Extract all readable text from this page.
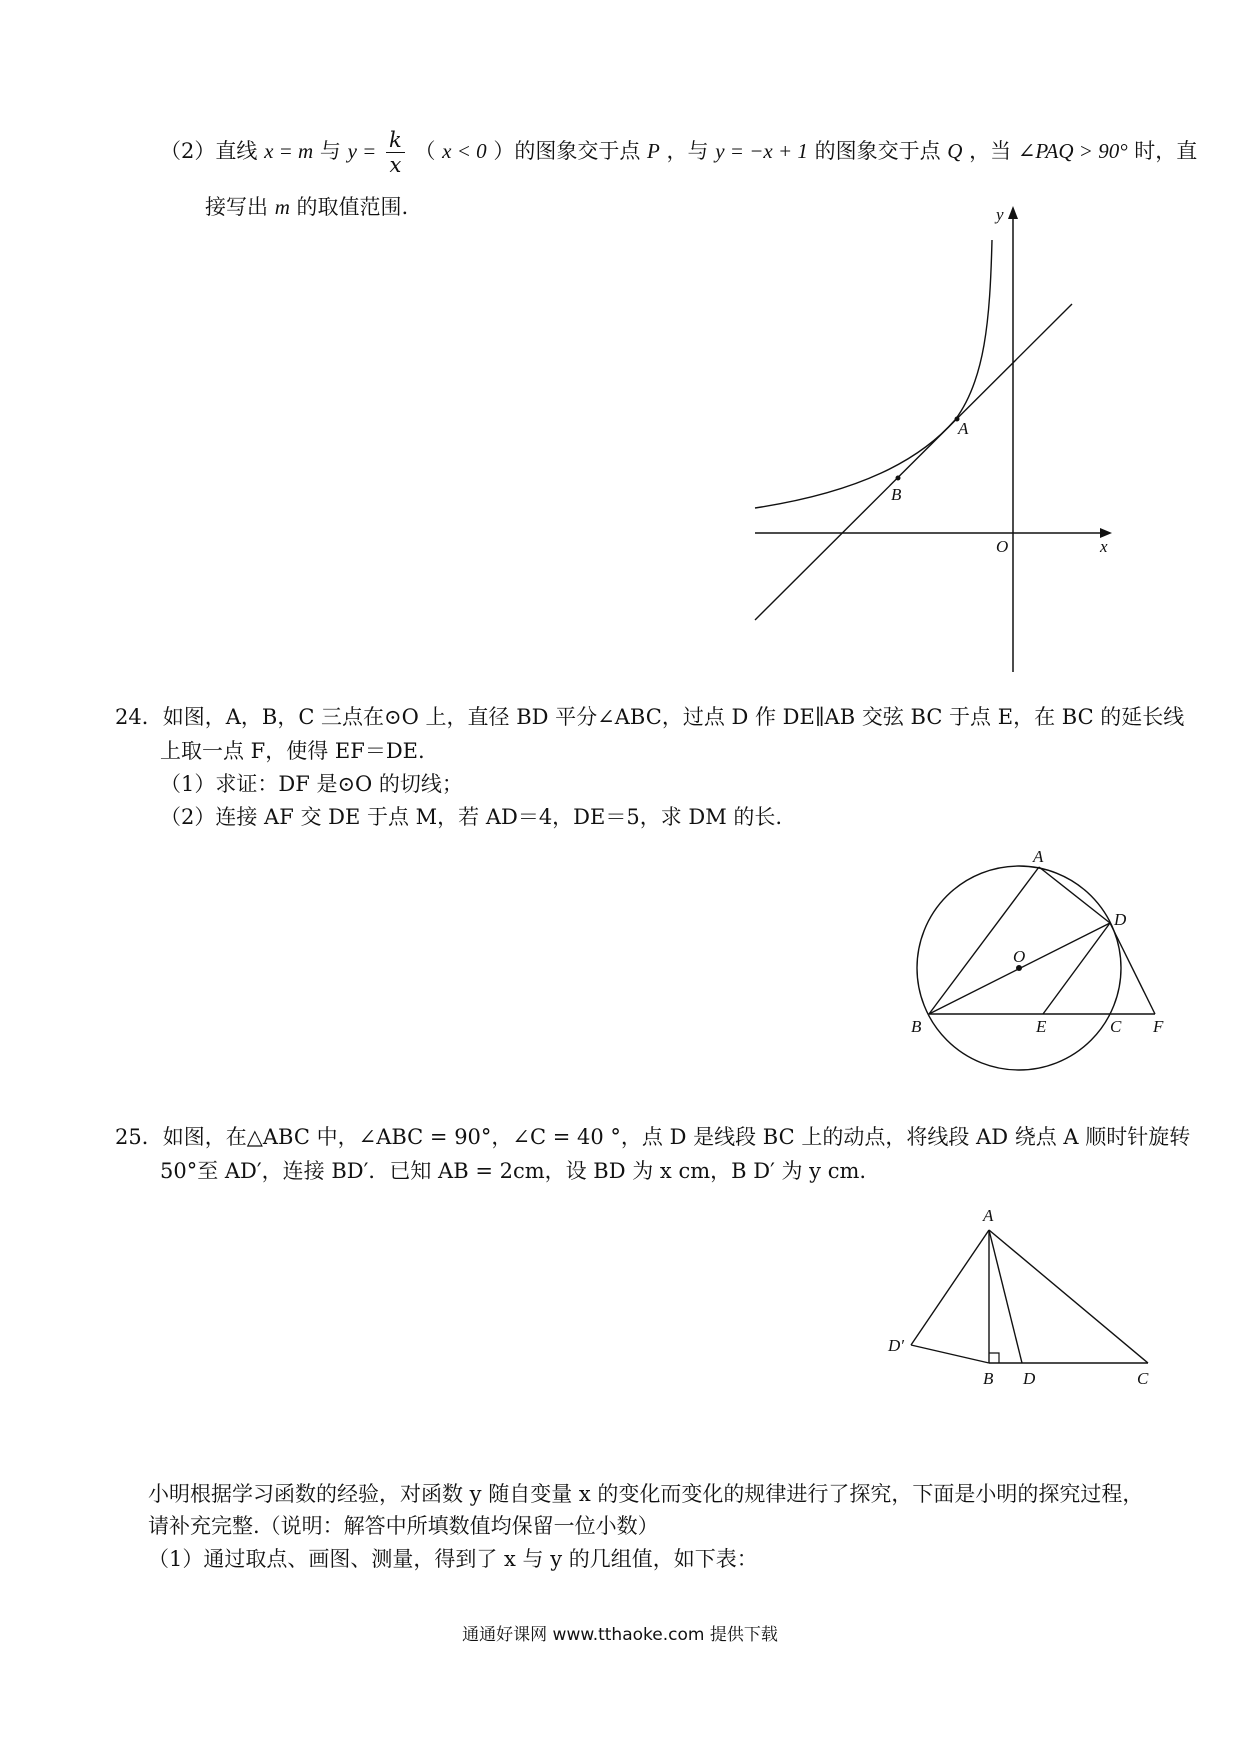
（2）直线 x = m 与 $y = \frac{k}{x}$ （ x < 0 ）的图象交于点 P ，与 y = −x + 1 的图象交于点 Q ，当 ∠PAQ > 90° 时，直
接写出 m 的取值范围.	y
A
B
O	x
24．如图，A，B，C 三点在⊙O 上，直径 BD 平分∠ABC，过点 D 作 DE∥AB 交弦 BC 于点 E，在 BC 的延长线
上取一点 F，使得 EF＝DE.
（1）求证：DF 是⊙O 的切线；
（2）连接 AF 交 DE 于点 M，若 AD＝4，DE＝5，求 DM 的长.
A
D
O
B	E	C F
25．如图，在△ABC 中，∠ABC = 90°，∠C = 40 °，点 D 是线段 BC 上的动点，将线段 AD 绕点 A 顺时针旋转
50°至 AD′，连接 BD′．已知 AB = 2cm，设 BD 为 x cm，B D′ 为 y cm.
A
D′
B D	C
小明根据学习函数的经验，对函数 y 随自变量 x 的变化而变化的规律进行了探究，下面是小明的探究过程，
请补充完整.（说明：解答中所填数值均保留一位小数）
（1）通过取点、画图、测量，得到了 x 与 y 的几组值，如下表：
通通好课网 www.tthaoke.com 提供下载
